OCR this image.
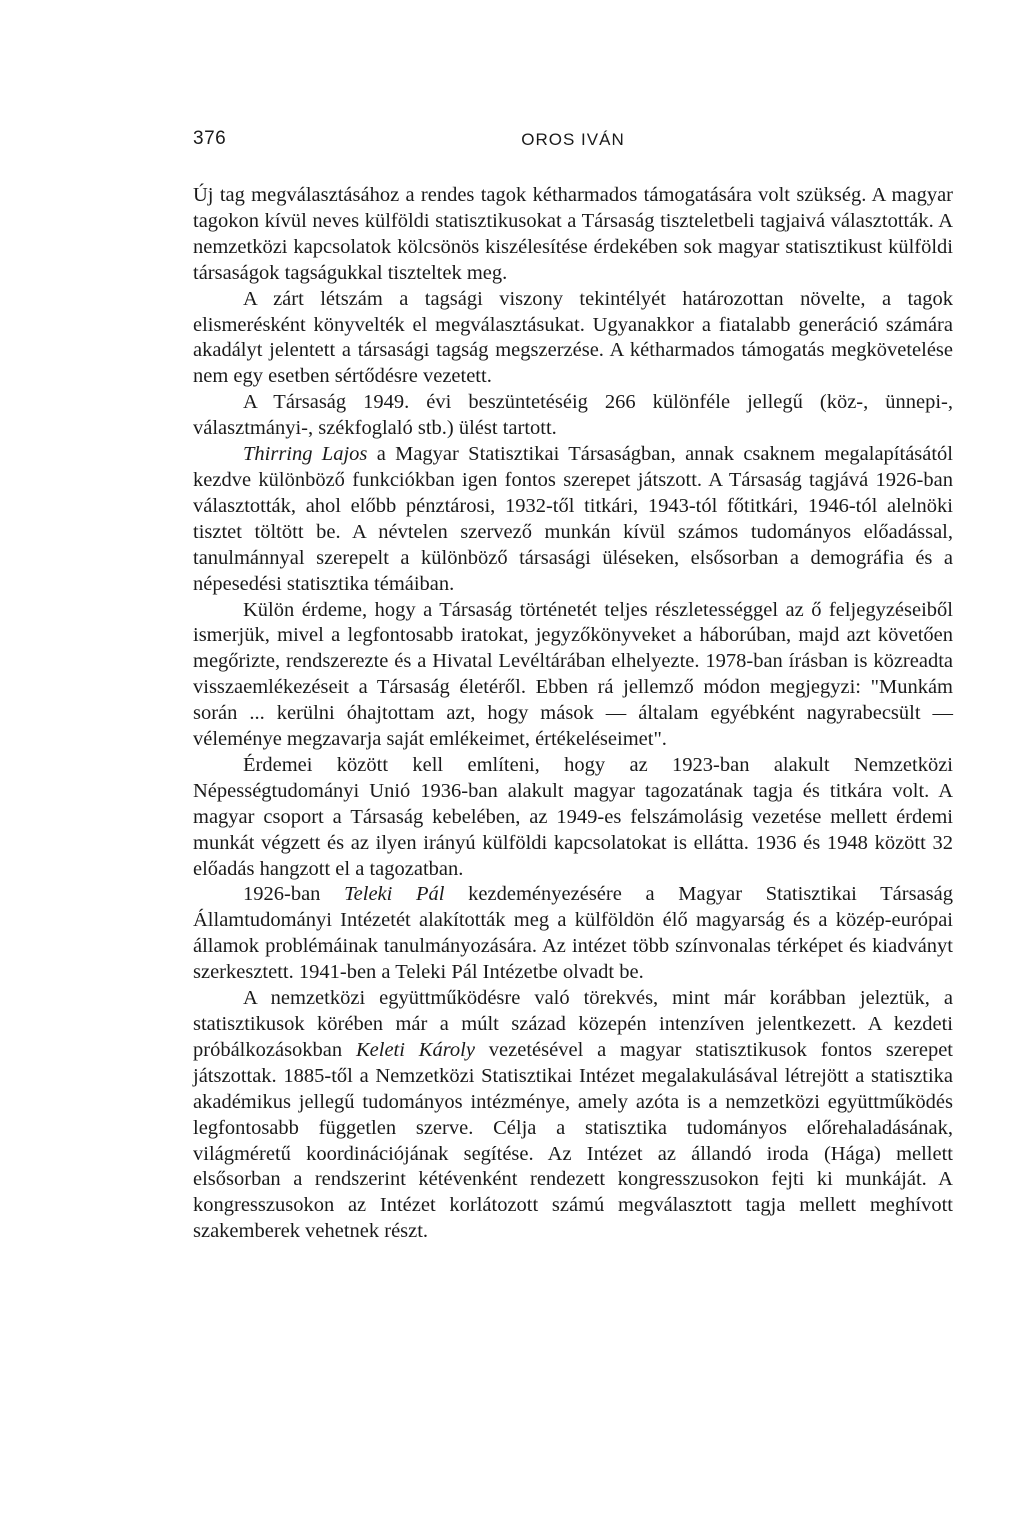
376	OROS IVÁN

Új tag megválasztásához a rendes tagok kétharmados támogatására volt szükség. A magyar tagokon kívül neves külföldi statisztikusokat a Társaság tiszteletbeli tagjaivá választották. A nemzetközi kapcsolatok kölcsönös kiszélesítése érdekében sok magyar statisztikust külföldi társaságok tagságukkal tiszteltek meg.

A zárt létszám a tagsági viszony tekintélyét határozottan növelte, a tagok elismerésként könyvelték el megválasztásukat. Ugyanakkor a fiatalabb generáció számára akadályt jelentett a társasági tagság megszerzése. A kétharmados támogatás megkövetelése nem egy esetben sértődésre vezetett.

A Társaság 1949. évi beszüntetéséig 266 különféle jellegű (köz-, ünnepi-, választmányi-, székfoglaló stb.) ülést tartott.

Thirring Lajos a Magyar Statisztikai Társaságban, annak csaknem megalapításától kezdve különböző funkciókban igen fontos szerepet játszott. A Társaság tagjává 1926-ban választották, ahol előbb pénztárosi, 1932-től titkári, 1943-tól főtitkári, 1946-tól alelnöki tisztet töltött be. A névtelen szervező munkán kívül számos tudományos előadással, tanulmánnyal szerepelt a különböző társasági üléseken, elsősorban a demográfia és a népesedési statisztika témáiban.

Külön érdeme, hogy a Társaság történetét teljes részletességgel az ő feljegyzéseiből ismerjük, mivel a legfontosabb iratokat, jegyzőkönyveket a háborúban, majd azt követően megőrizte, rendszerezte és a Hivatal Levéltárában elhelyezte. 1978-ban írásban is közreadta visszaemlékezéseit a Társaság életéről. Ebben rá jellemző módon megjegyzi: "Munkám során ... kerülni óhajtottam azt, hogy mások — általam egyébként nagyrabecsült — véleménye megzavarja saját emlékeimet, értékeléseimet".

Érdemei között kell említeni, hogy az 1923-ban alakult Nemzetközi Népességtudományi Unió 1936-ban alakult magyar tagozatának tagja és titkára volt. A magyar csoport a Társaság kebelében, az 1949-es felszámolásig vezetése mellett érdemi munkát végzett és az ilyen irányú külföldi kapcsolatokat is ellátta. 1936 és 1948 között 32 előadás hangzott el a tagozatban.

1926-ban Teleki Pál kezdeményezésére a Magyar Statisztikai Társaság Államtudományi Intézetét alakították meg a külföldön élő magyarság és a közép-európai államok problémáinak tanulmányozására. Az intézet több színvonalas térképet és kiadványt szerkesztett. 1941-ben a Teleki Pál Intézetbe olvadt be.

A nemzetközi együttműködésre való törekvés, mint már korábban jeleztük, a statisztikusok körében már a múlt század közepén intenzíven jelentkezett. A kezdeti próbálkozásokban Keleti Károly vezetésével a magyar statisztikusok fontos szerepet játszottak. 1885-től a Nemzetközi Statisztikai Intézet megalakulásával létrejött a statisztika akadémikus jellegű tudományos intézménye, amely azóta is a nemzetközi együttműködés legfontosabb független szerve. Célja a statisztika tudományos előrehaladásának, világméretű koordinációjának segítése. Az Intézet az állandó iroda (Hága) mellett elsősorban a rendszerint kétévenként rendezett kongresszusokon fejti ki munkáját. A kongresszusokon az Intézet korlátozott számú megválasztott tagja mellett meghívott szakemberek vehetnek részt.
